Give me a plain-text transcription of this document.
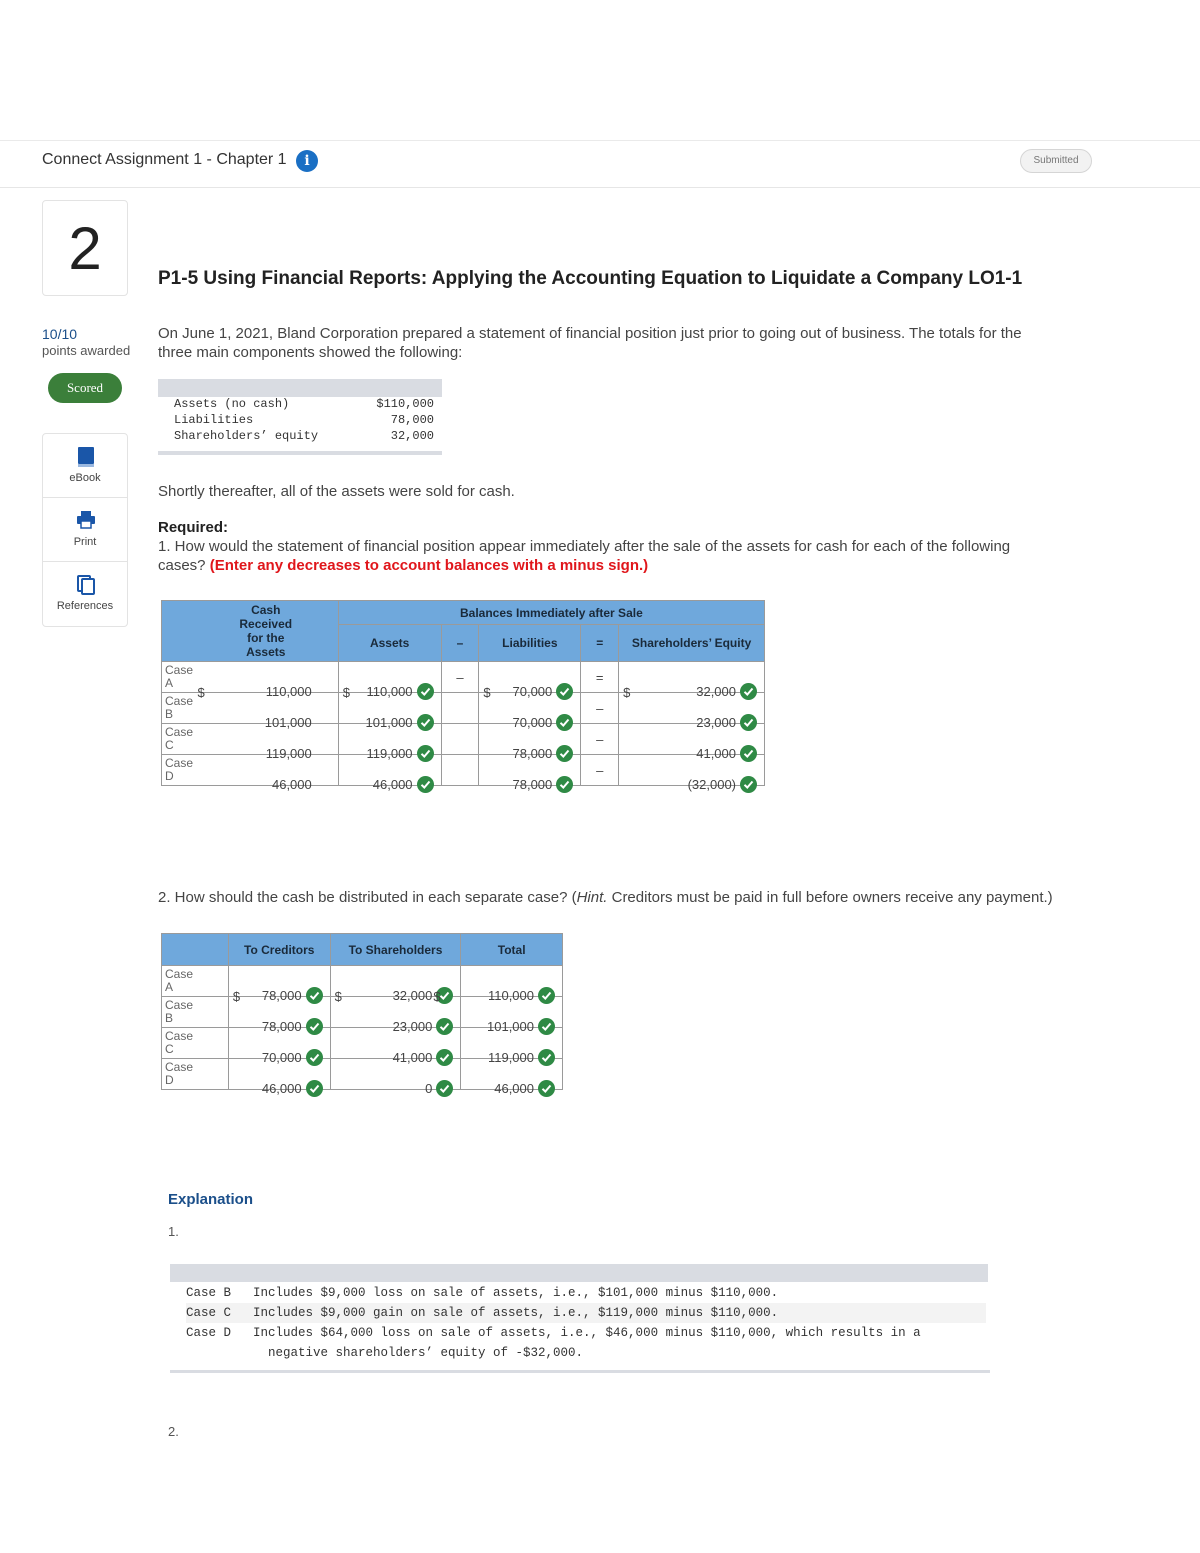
Connect Assignment 1 - Chapter 1	i	Submitted
2
10/10
points awarded
Scored
eBook
Print
References
P1-5 Using Financial Reports: Applying the Accounting Equation to Liquidate a Company LO1-1
On June 1, 2021, Bland Corporation prepared a statement of financial position just prior to going out of business. The totals for the
three main components showed the following:
Assets (no cash)	$110,000
Liabilities	78,000
Shareholders’ equity	32,000
Shortly thereafter, all of the assets were sold for cash.
Required:
1. How would the statement of financial position appear immediately after the sale of the assets for cash for each of the following
cases? (Enter any decreases to account balances with a minus sign.)
Cash Received for the Assets		Balances Immediately after Sale				
		Assets	–	Liabilities	=	Shareholders’ Equity

Case A	$ 110,000	$ 110,000	–	$ 70,000	=	$ 32,000

Case B	101,000	101,000		70,000	–	23,000

Case C	119,000	119,000		78,000	–	41,000

Case D	46,000	46,000		78,000	–	(32,000)
2. How should the cash be distributed in each separate case? (Hint. Creditors must be paid in full before owners receive any payment.)
	To Creditors	To Shareholders	Total

Case A	$ 78,000	$ 32,000	$ 110,000

Case B	78,000	23,000	101,000

Case C	70,000	41,000	119,000

Case D	46,000	0	46,000
Explanation
1.
Case B Includes $9,000 loss on sale of assets, i.e., $101,000 minus $110,000.
Case C Includes $9,000 gain on sale of assets, i.e., $119,000 minus $110,000.
Case D Includes $64,000 loss on sale of assets, i.e., $46,000 minus $110,000, which results in a
negative shareholders’ equity of -$32,000.
2.
